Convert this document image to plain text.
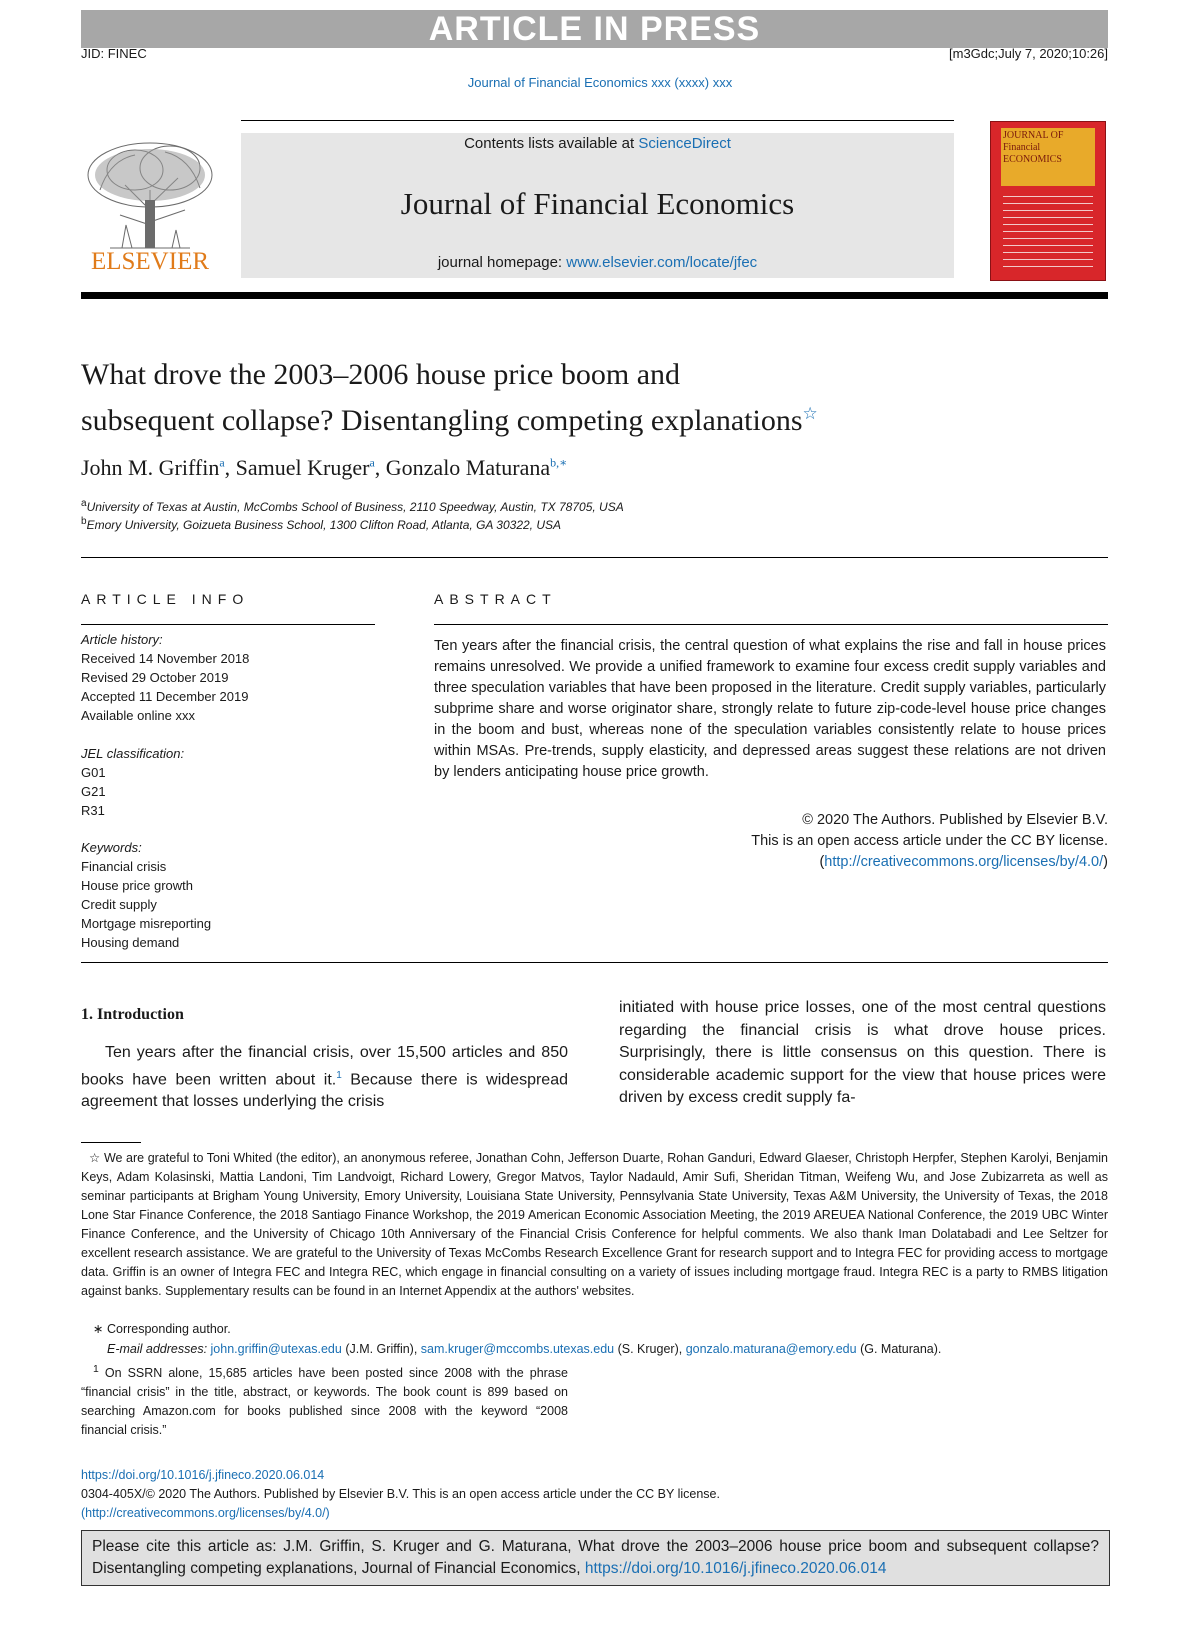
ARTICLE IN PRESS
JID: FINEC	[m3Gdc;July 7, 2020;10:26]
Journal of Financial Economics xxx (xxxx) xxx
ELSEVIER
Contents lists available at ScienceDirect
Journal of Financial Economics
journal homepage: www.elsevier.com/locate/jfec
JOURNAL OF Financial ECONOMICS
What drove the 2003–2006 house price boom and
subsequent collapse? Disentangling competing explanations☆
John M. Griffin$^a$, Samuel Kruger$^a$, Gonzalo Maturana$^{b,∗}$
$^a$University of Texas at Austin, McCombs School of Business, 2110 Speedway, Austin, TX 78705, USA
$^b$Emory University, Goizueta Business School, 1300 Clifton Road, Atlanta, GA 30322, USA
ARTICLE INFO
Article history:
Received 14 November 2018
Revised 29 October 2019
Accepted 11 December 2019
Available online xxx
JEL classification:
G01
G21
R31
Keywords:
Financial crisis
House price growth
Credit supply
Mortgage misreporting
Housing demand
ABSTRACT
Ten years after the financial crisis, the central question of what explains the rise and fall in house prices remains unresolved. We provide a unified framework to examine four excess credit supply variables and three speculation variables that have been proposed in the literature. Credit supply variables, particularly subprime share and worse originator share, strongly relate to future zip-code-level house price changes in the boom and bust, whereas none of the speculation variables consistently relate to house prices within MSAs. Pre-trends, supply elasticity, and depressed areas suggest these relations are not driven by lenders anticipating house price growth.
© 2020 The Authors. Published by Elsevier B.V.
This is an open access article under the CC BY license.
(http://creativecommons.org/licenses/by/4.0/)
1. Introduction
Ten years after the financial crisis, over 15,500 articles and 850 books have been written about it.$^1$ Because there is widespread agreement that losses underlying the crisis
initiated with house price losses, one of the most central questions regarding the financial crisis is what drove house prices. Surprisingly, there is little consensus on this question. There is considerable academic support for the view that house prices were driven by excess credit supply fa-
☆ We are grateful to Toni Whited (the editor), an anonymous referee, Jonathan Cohn, Jefferson Duarte, Rohan Ganduri, Edward Glaeser, Christoph Herpfer, Stephen Karolyi, Benjamin Keys, Adam Kolasinski, Mattia Landoni, Tim Landvoigt, Richard Lowery, Gregor Matvos, Taylor Nadauld, Amir Sufi, Sheridan Titman, Weifeng Wu, and Jose Zubizarreta as well as seminar participants at Brigham Young University, Emory University, Louisiana State University, Pennsylvania State University, Texas A&M University, the University of Texas, the 2018 Lone Star Finance Conference, the 2018 Santiago Finance Workshop, the 2019 American Economic Association Meeting, the 2019 AREUEA National Conference, the 2019 UBC Winter Finance Conference, and the University of Chicago 10th Anniversary of the Financial Crisis Conference for helpful comments. We also thank Iman Dolatabadi and Lee Seltzer for excellent research assistance. We are grateful to the University of Texas McCombs Research Excellence Grant for research support and to Integra FEC for providing access to mortgage data. Griffin is an owner of Integra FEC and Integra REC, which engage in financial consulting on a variety of issues including mortgage fraud. Integra REC is a party to RMBS litigation against banks. Supplementary results can be found in an Internet Appendix at the authors' websites.
∗ Corresponding author.
E-mail addresses: john.griffin@utexas.edu (J.M. Griffin), sam.kruger@mccombs.utexas.edu (S. Kruger), gonzalo.maturana@emory.edu (G. Maturana).
$^1$ On SSRN alone, 15,685 articles have been posted since 2008 with the phrase “financial crisis” in the title, abstract, or keywords. The book count is 899 based on searching Amazon.com for books published since 2008 with the keyword “2008 financial crisis.”
https://doi.org/10.1016/j.jfineco.2020.06.014
0304-405X/© 2020 The Authors. Published by Elsevier B.V. This is an open access article under the CC BY license.
(http://creativecommons.org/licenses/by/4.0/)
Please cite this article as: J.M. Griffin, S. Kruger and G. Maturana, What drove the 2003–2006 house price boom and subsequent collapse? Disentangling competing explanations, Journal of Financial Economics, https://doi.org/10.1016/j.jfineco.2020.06.014
